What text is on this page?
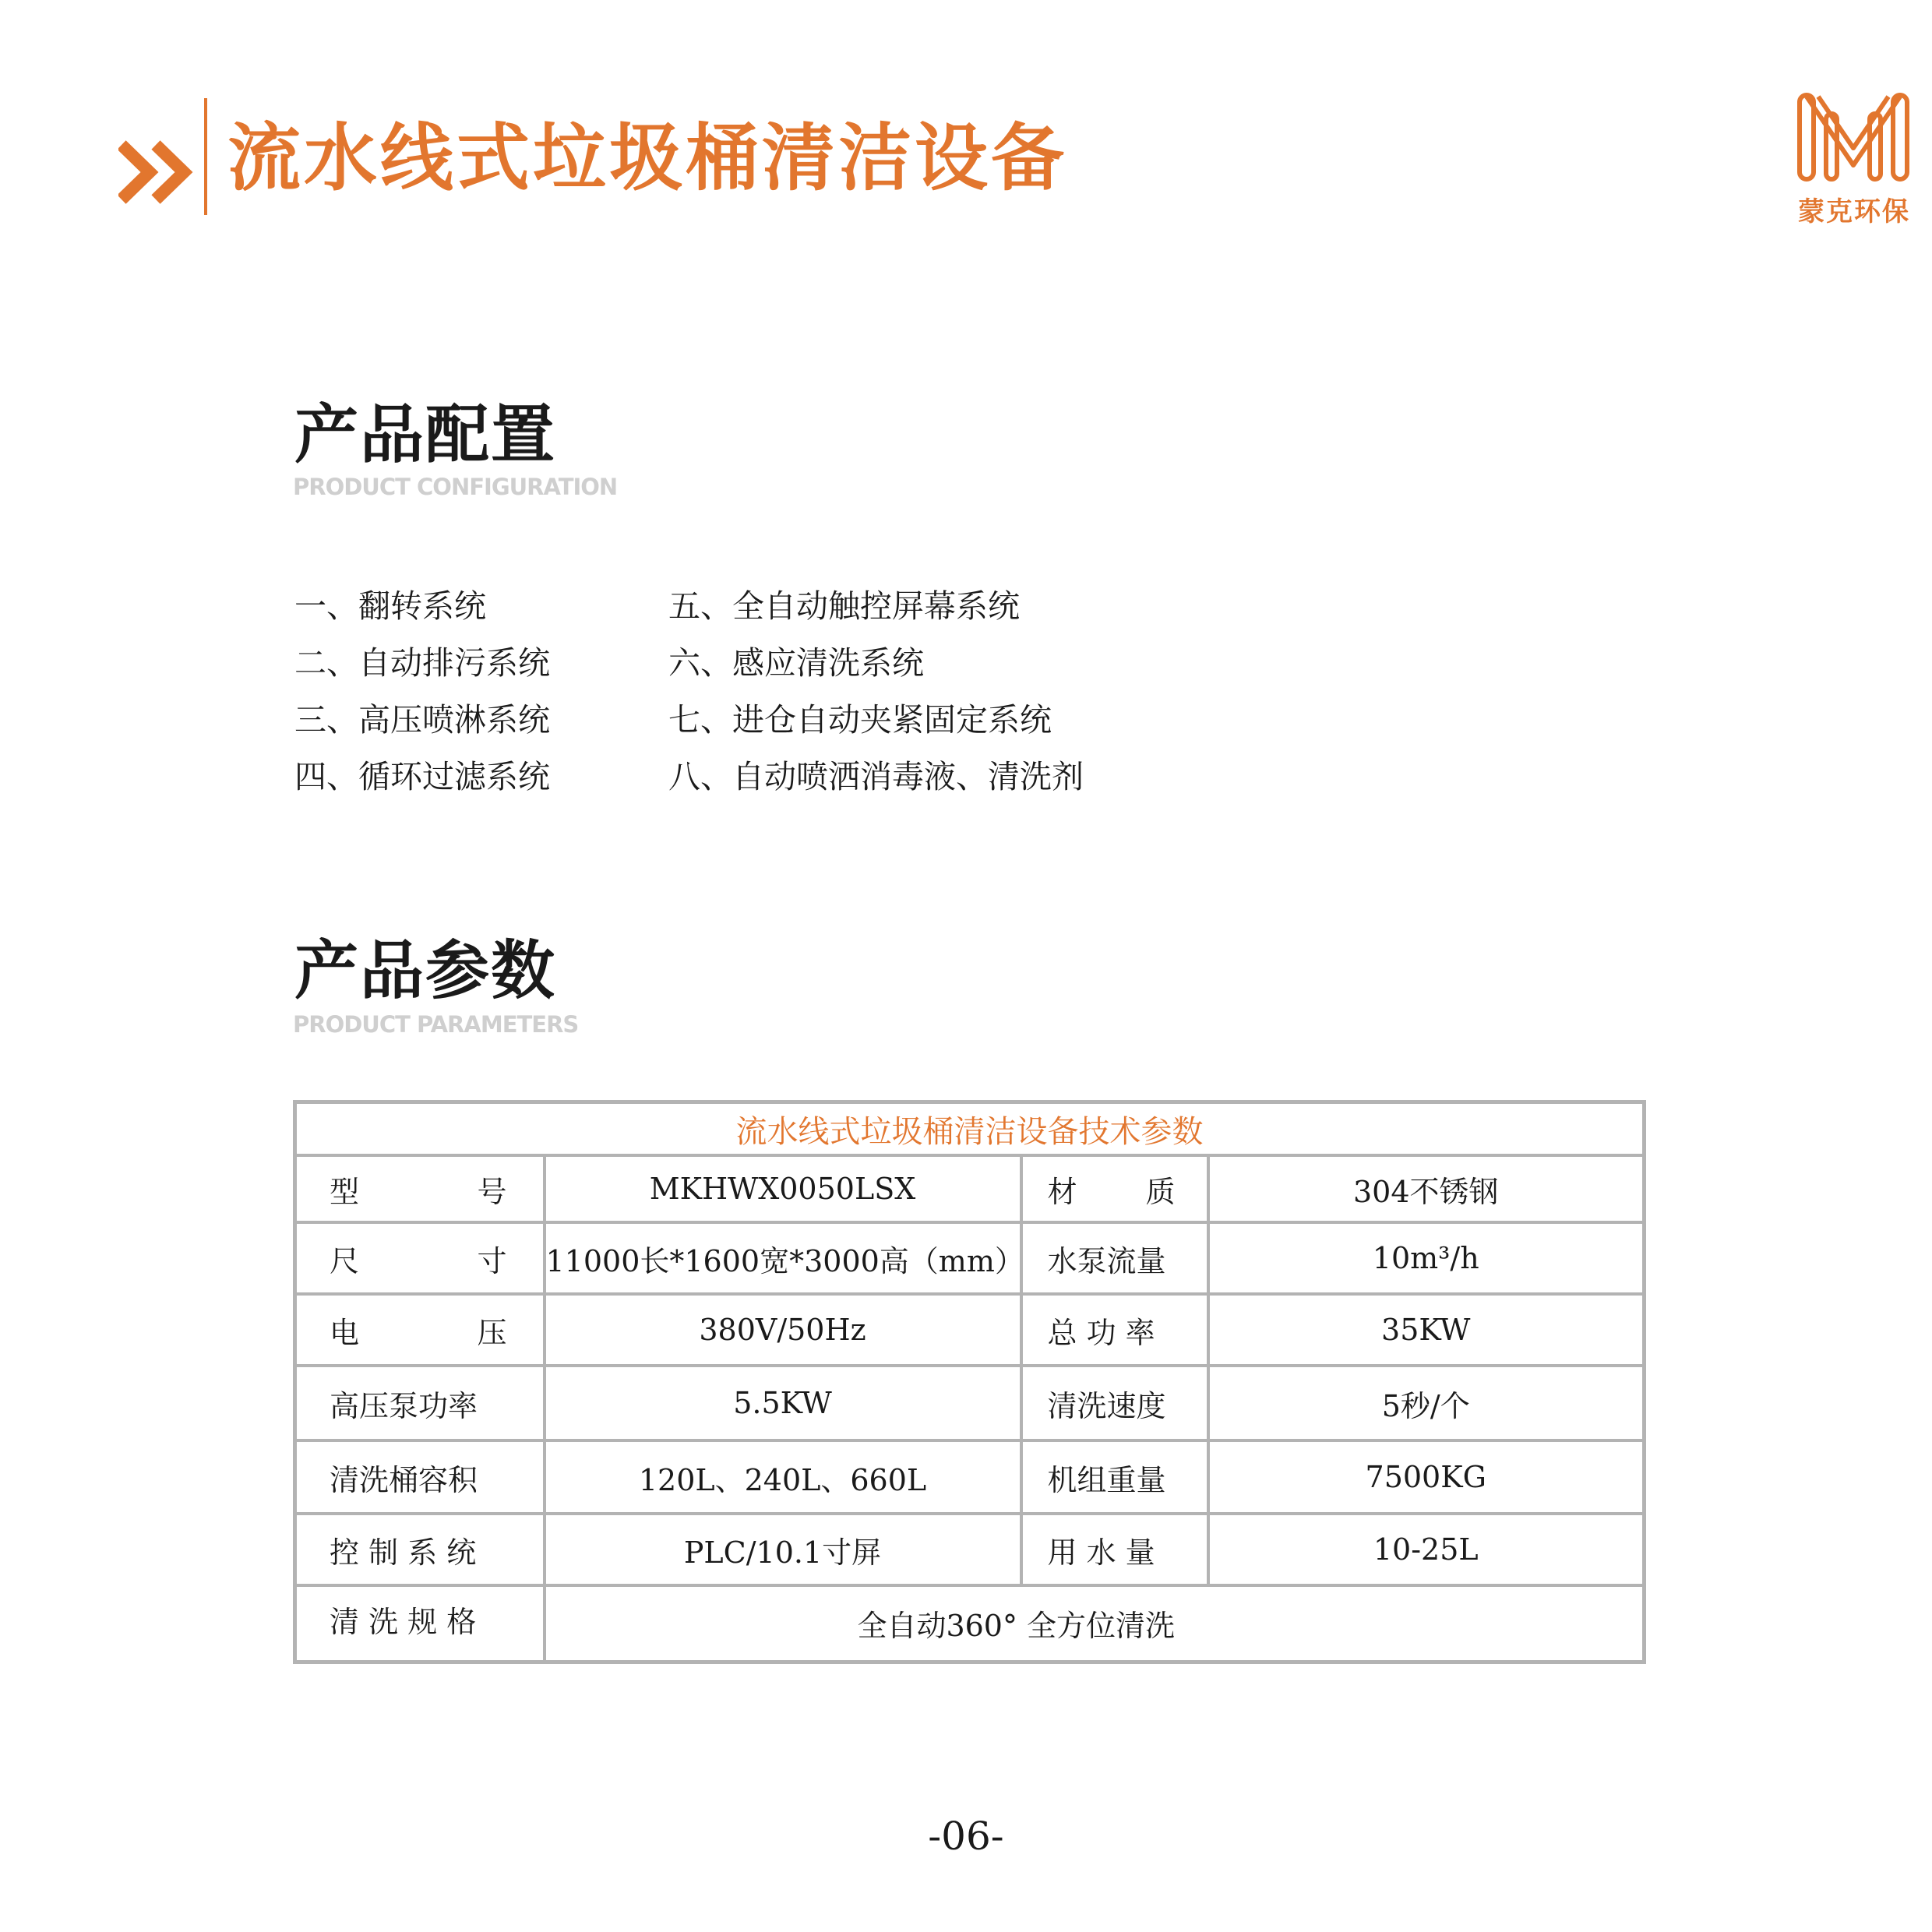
流水线式垃圾桶清洁设备
蒙克环保
产品配置
PRODUCT CONFIGURATION
一、翻转系统
二、自动排污系统
三、高压喷淋系统
四、循环过滤系统
五、全自动触控屏幕系统
六、感应清洗系统
七、进仓自动夹紧固定系统
八、自动喷洒消毒液、清洗剂
产品参数
PRODUCT PARAMETERS
流水线式垃圾桶清洁设备技术参数			

型 号	MKHWX0050LSX	材 质	304不锈钢

尺 寸	11000长*1600宽*3000高（mm）	水泵流量	10m³/h

电 压	380V/50Hz	总 功 率	35KW
高压泵功率	5.5KW	清洗速度	5秒/个
清洗桶容积	120L、240L、660L	机组重量	7500KG
控 制 系 统	PLC/10.1寸屏	用 水 量	10-25L
清 洗 规 格	全自动360° 全方位清洗		
-06-
